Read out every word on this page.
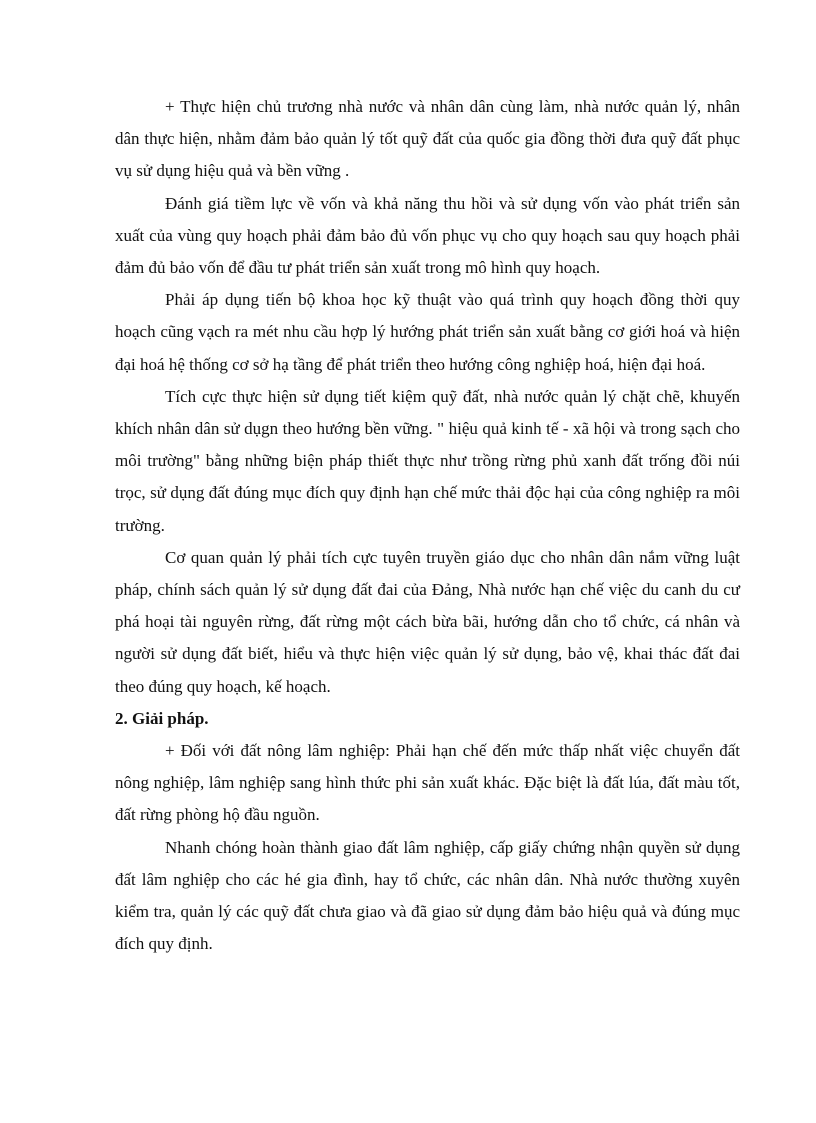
+ Thực hiện chủ trương nhà nước và nhân dân cùng làm, nhà nước quản lý, nhân dân thực hiện, nhằm đảm bảo quản lý tốt quỹ đất của quốc gia đồng thời đưa quỹ đất phục vụ sử dụng hiệu quả và bền vững .

Đánh giá tiềm lực về vốn và khả năng thu hồi và sử dụng vốn vào phát triển sản xuất của vùng quy hoạch phải đảm bảo đủ vốn phục vụ cho quy hoạch sau quy hoạch phải đảm đủ bảo vốn để đầu tư phát triển sản xuất trong mô hình quy hoạch.

Phải áp dụng tiến bộ khoa học kỹ thuật vào quá trình quy hoạch đồng thời quy hoạch cũng vạch ra mét nhu cầu hợp lý hướng phát triển sản xuất bằng cơ giới hoá và hiện đại hoá hệ thống cơ sở hạ tầng để phát triển theo hướng công nghiệp hoá, hiện đại hoá.

Tích cực thực hiện sử dụng tiết kiệm quỹ đất, nhà nước quản lý chặt chẽ, khuyến khích nhân dân sử dụgn theo hướng bền vững. " hiệu quả kinh tế - xã hội và trong sạch cho môi trường" bằng những biện pháp thiết thực như trồng rừng phủ xanh đất trống đồi núi trọc, sử dụng đất đúng mục đích quy định hạn chế mức thải độc hại của công nghiệp ra môi trường.

Cơ quan quản lý phải tích cực tuyên truyền giáo dục cho nhân dân nắm vững luật pháp, chính sách quản lý sử dụng đất đai của Đảng, Nhà nước hạn chế việc du canh du cư phá hoại tài nguyên rừng, đất rừng một cách bừa bãi, hướng dẫn cho tổ chức, cá nhân và người sử dụng đất biết, hiểu và thực hiện việc quản lý sử dụng, bảo vệ, khai thác đất đai theo đúng quy hoạch, kế hoạch.

2. Giải pháp.

+ Đối với đất nông lâm nghiệp: Phải hạn chế đến mức thấp nhất việc chuyển đất nông nghiệp, lâm nghiệp sang hình thức phi sản xuất khác. Đặc biệt là đất lúa, đất màu tốt, đất rừng phòng hộ đầu nguồn.

Nhanh chóng hoàn thành giao đất lâm nghiệp, cấp giấy chứng nhận quyền sử dụng đất lâm nghiệp cho các hé gia đình, hay tổ chức, các nhân dân. Nhà nước thường xuyên kiểm tra, quản lý các quỹ đất chưa giao và đã giao sử dụng đảm bảo hiệu quả và đúng mục đích quy định.
